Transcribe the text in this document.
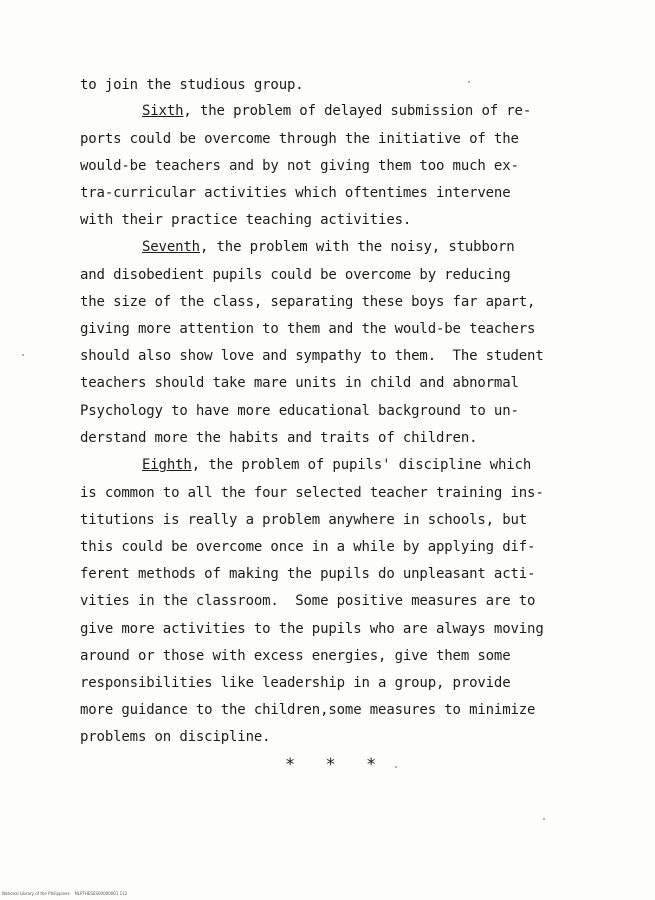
to join the studious group.
Sixth, the problem of delayed submission of re-
ports could be overcome through the initiative of the
would-be teachers and by not giving them too much ex-
tra-curricular activities which oftentimes intervene
with their practice teaching activities.
Seventh, the problem with the noisy, stubborn
and disobedient pupils could be overcome by reducing
the size of the class, separating these boys far apart,
giving more attention to them and the would-be teachers
should also show love and sympathy to them.  The student
teachers should take mare units in child and abnormal
Psychology to have more educational background to un-
derstand more the habits and traits of children.
Eighth, the problem of pupils' discipline which
is common to all the four selected teacher training ins-
titutions is really a problem anywhere in schools, but
this could be overcome once in a while by applying dif-
ferent methods of making the pupils do unpleasant acti-
vities in the classroom.  Some positive measures are to
give more activities to the pupils who are always moving
around or those with excess energies, give them some
responsibilities like leadership in a group, provide
more guidance to the children,some measures to minimize
problems on discipline.
* * *
National Library of the Philippines    NLPTHESES00000001 112
